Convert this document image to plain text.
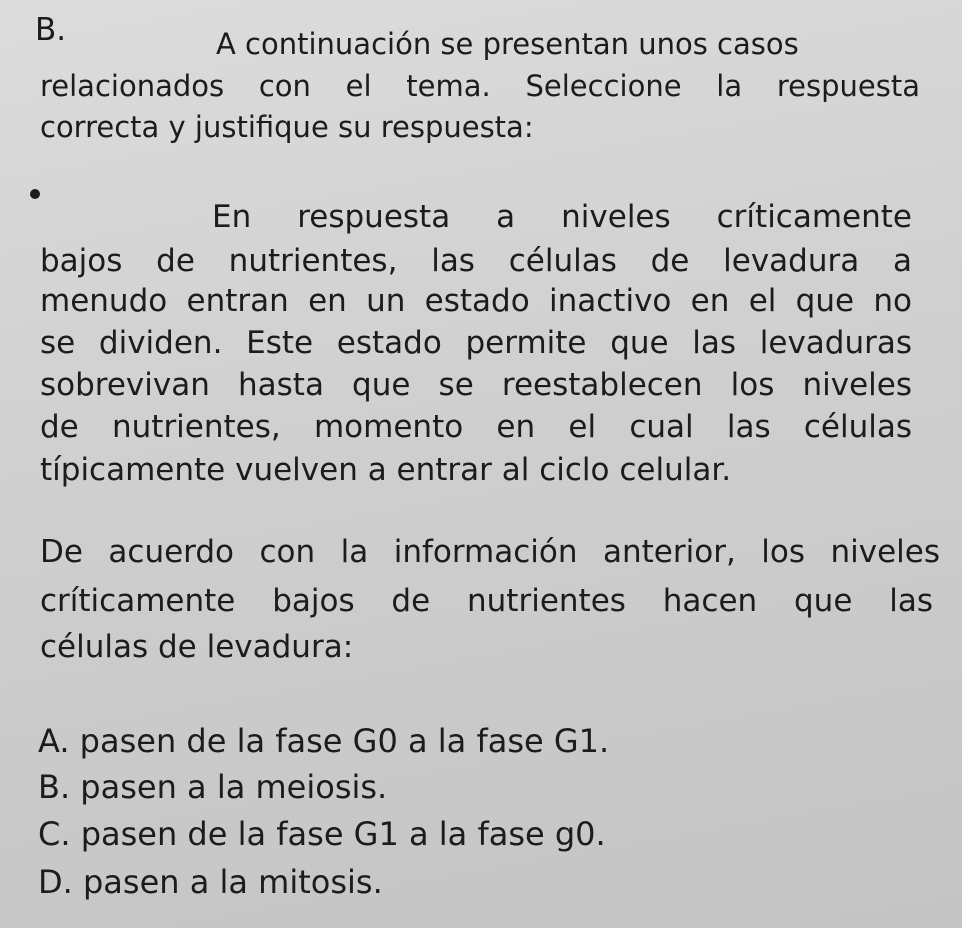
B.	A continuación se presentan unos casos
relacionados con el tema. Seleccione la respuesta
correcta y justifique su respuesta:
En respuesta a niveles críticamente
bajos de nutrientes, las células de levadura a
menudo entran en un estado inactivo en el que no
se dividen. Este estado permite que las levaduras
sobrevivan hasta que se reestablecen los niveles
de nutrientes, momento en el cual las células
típicamente vuelven a entrar al ciclo celular.
De acuerdo con la información anterior, los niveles
críticamente bajos de nutrientes hacen que las
células de levadura:
A. pasen de la fase G0 a la fase G1.
B. pasen a la meiosis.
C. pasen de la fase G1 a la fase g0.
D. pasen a la mitosis.
